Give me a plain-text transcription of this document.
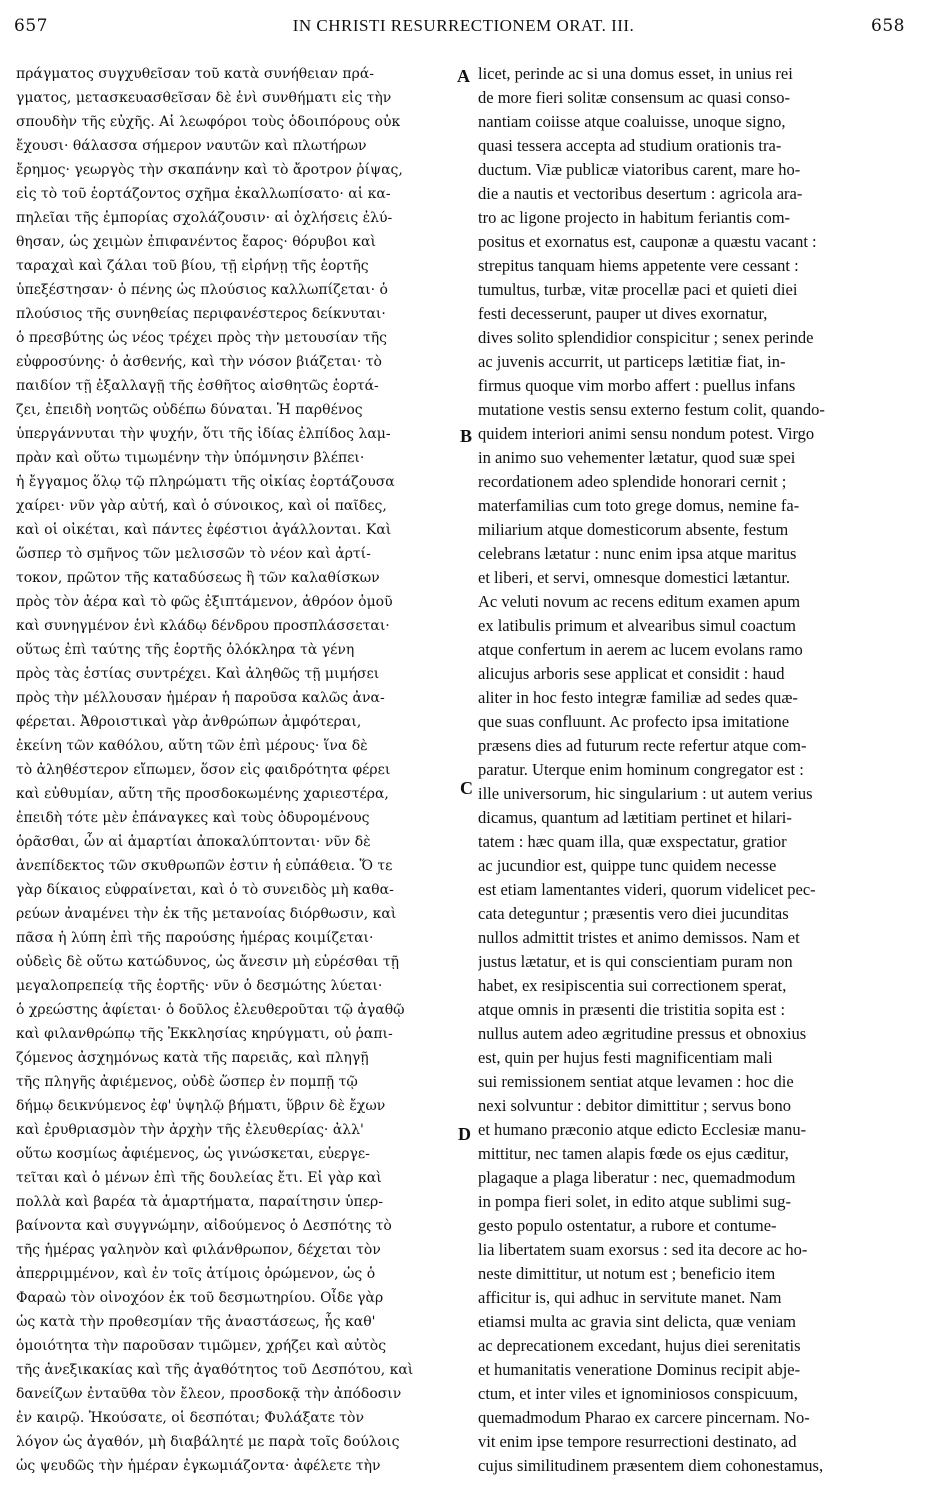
657	IN CHRISTI RESURRECTIONEM ORAT. III.	658
πράγματος συγχυθεῖσαν τοῦ κατὰ συνήθειαν πρά-
γματος, μετασκευασθεῖσαν δὲ ἑνὶ συνθήματι εἰς τὴν
σπουδὴν τῆς εὐχῆς. Αἱ λεωφόροι τοὺς ὁδοιπόρους οὐκ
ἔχουσι· θάλασσα σήμερον ναυτῶν καὶ πλωτήρων
ἔρημος· γεωργὸς τὴν σκαπάνην καὶ τὸ ἄροτρον ῥίψας,
εἰς τὸ τοῦ ἑορτάζοντος σχῆμα ἐκαλλωπίσατο· αἱ κα-
πηλεῖαι τῆς ἐμπορίας σχολάζουσιν· αἱ ὀχλήσεις ἐλύ-
θησαν, ὡς χειμὼν ἐπιφανέντος ἔαρος· θόρυβοι καὶ
ταραχαὶ καὶ ζάλαι τοῦ βίου, τῇ εἰρήνῃ τῆς ἑορτῆς
ὑπεξέστησαν· ὁ πένης ὡς πλούσιος καλλωπίζεται· ὁ
πλούσιος τῆς συνηθείας περιφανέστερος δείκνυται·
ὁ πρεσβύτης ὡς νέος τρέχει πρὸς τὴν μετουσίαν τῆς
εὐφροσύνης· ὁ ἀσθενής, καὶ τὴν νόσον βιάζεται· τὸ
παιδίον τῇ ἐξαλλαγῇ τῆς ἐσθῆτος αἰσθητῶς ἑορτά-
ζει, ἐπειδὴ νοητῶς οὐδέπω δύναται. Ἡ παρθένος
ὑπεργάννυται τὴν ψυχήν, ὅτι τῆς ἰδίας ἐλπίδος λαμ-
πρὰν καὶ οὕτω τιμωμένην τὴν ὑπόμνησιν βλέπει·
ἡ ἔγγαμος ὅλῳ τῷ πληρώματι τῆς οἰκίας ἑορτάζουσα
χαίρει· νῦν γὰρ αὐτή, καὶ ὁ σύνοικος, καὶ οἱ παῖδες,
καὶ οἱ οἰκέται, καὶ πάντες ἐφέστιοι ἀγάλλονται. Καὶ
ὥσπερ τὸ σμῆνος τῶν μελισσῶν τὸ νέον καὶ ἀρτί-
τοκον, πρῶτον τῆς καταδύσεως ἢ τῶν καλαθίσκων
πρὸς τὸν ἀέρα καὶ τὸ φῶς ἐξιπτάμενον, ἀθρόον ὁμοῦ
καὶ συνηγμένον ἑνὶ κλάδῳ δένδρου προσπλάσσεται·
οὕτως ἐπὶ ταύτης τῆς ἑορτῆς ὁλόκληρα τὰ γένη
πρὸς τὰς ἑστίας συντρέχει. Καὶ ἀληθῶς τῇ μιμήσει
πρὸς τὴν μέλλουσαν ἡμέραν ἡ παροῦσα καλῶς ἀνα-
φέρεται. Ἀθροιστικαὶ γὰρ ἀνθρώπων ἀμφότεραι,
ἐκείνη τῶν καθόλου, αὕτη τῶν ἐπὶ μέρους· ἵνα δὲ
τὸ ἀληθέστερον εἴπωμεν, ὅσον εἰς φαιδρότητα φέρει
καὶ εὐθυμίαν, αὕτη τῆς προσδοκωμένης χαριεστέρα,
ἐπειδὴ τότε μὲν ἐπάναγκες καὶ τοὺς ὀδυρομένους
ὁρᾶσθαι, ὧν αἱ ἁμαρτίαι ἀποκαλύπτονται· νῦν δὲ
ἀνεπίδεκτος τῶν σκυθρωπῶν ἐστιν ἡ εὐπάθεια. Ὅ τε
γὰρ δίκαιος εὐφραίνεται, καὶ ὁ τὸ συνειδὸς μὴ καθα-
ρεύων ἀναμένει τὴν ἐκ τῆς μετανοίας διόρθωσιν, καὶ
πᾶσα ἡ λύπη ἐπὶ τῆς παρούσης ἡμέρας κοιμίζεται·
οὐδεὶς δὲ οὕτω κατώδυνος, ὡς ἄνεσιν μὴ εὑρέσθαι τῇ
μεγαλοπρεπείᾳ τῆς ἑορτῆς· νῦν ὁ δεσμώτης λύεται·
ὁ χρεώστης ἀφίεται· ὁ δοῦλος ἐλευθεροῦται τῷ ἀγαθῷ
καὶ φιλανθρώπῳ τῆς Ἐκκλησίας κηρύγματι, οὐ ῥαπι-
ζόμενος ἀσχημόνως κατὰ τῆς παρειᾶς, καὶ πληγῇ
τῆς πληγῆς ἀφιέμενος, οὐδὲ ὥσπερ ἐν πομπῇ τῷ
δήμῳ δεικνύμενος ἐφ' ὑψηλῷ βήματι, ὕβριν δὲ ἔχων
καὶ ἐρυθριασμὸν τὴν ἀρχὴν τῆς ἐλευθερίας· ἀλλ'
οὕτω κοσμίως ἀφιέμενος, ὡς γινώσκεται, εὐεργε-
τεῖται καὶ ὁ μένων ἐπὶ τῆς δουλείας ἔτι. Εἰ γὰρ καὶ
πολλὰ καὶ βαρέα τὰ ἁμαρτήματα, παραίτησιν ὑπερ-
βαίνοντα καὶ συγγνώμην, αἰδούμενος ὁ Δεσπότης τὸ
τῆς ἡμέρας γαληνὸν καὶ φιλάνθρωπον, δέχεται τὸν
ἀπερριμμένον, καὶ ἐν τοῖς ἀτίμοις ὁρώμενον, ὡς ὁ
Φαραὼ τὸν οἰνοχόον ἐκ τοῦ δεσμωτηρίου. Οἶδε γὰρ
ὡς κατὰ τὴν προθεσμίαν τῆς ἀναστάσεως, ἧς καθ'
ὁμοιότητα τὴν παροῦσαν τιμῶμεν, χρήζει καὶ αὐτὸς
τῆς ἀνεξικακίας καὶ τῆς ἀγαθότητος τοῦ Δεσπότου, καὶ
δανείζων ἐνταῦθα τὸν ἔλεον, προσδοκᾷ τὴν ἀπόδοσιν
ἐν καιρῷ. Ἠκούσατε, οἱ δεσπόται; Φυλάξατε τὸν
λόγον ὡς ἀγαθόν, μὴ διαβάλητέ με παρὰ τοῖς δούλοις
ὡς ψευδῶς τὴν ἡμέραν ἐγκωμιάζοντα· ἀφέλετε τὴν
licet, perinde ac si una domus esset, in unius rei
de more fieri solitæ consensum ac quasi conso-
nantiam coiisse atque coaluisse, unoque signo,
quasi tessera accepta ad studium orationis tra-
ductum. Viæ publicæ viatoribus carent, mare ho-
die a nautis et vectoribus desertum : agricola ara-
tro ac ligone projecto in habitum feriantis com-
positus et exornatus est, cauponæ a quæstu vacant :
strepitus tanquam hiems appetente vere cessant :
tumultus, turbæ, vitæ procellæ paci et quieti diei
festi decesserunt, pauper ut dives exornatur,
dives solito splendidior conspicitur ; senex perinde
ac juvenis accurrit, ut particeps lætitiæ fiat, in-
firmus quoque vim morbo affert : puellus infans
mutatione vestis sensu externo festum colit, quando-
quidem interiori animi sensu nondum potest. Virgo
in animo suo vehementer lætatur, quod suæ spei
recordationem adeo splendide honorari cernit ;
materfamilias cum toto grege domus, nemine fa-
miliarium atque domesticorum absente, festum
celebrans lætatur : nunc enim ipsa atque maritus
et liberi, et servi, omnesque domestici lætantur.
Ac veluti novum ac recens editum examen apum
ex latibulis primum et alvearibus simul coactum
atque confertum in aerem ac lucem evolans ramo
alicujus arboris sese applicat et considit : haud
aliter in hoc festo integræ familiæ ad sedes quæ-
que suas confluunt. Ac profecto ipsa imitatione
præsens dies ad futurum recte refertur atque com-
paratur. Uterque enim hominum congregator est :
ille universorum, hic singularium : ut autem verius
dicamus, quantum ad lætitiam pertinet et hilari-
tatem : hæc quam illa, quæ exspectatur, gratior
ac jucundior est, quippe tunc quidem necesse
est etiam lamentantes videri, quorum videlicet pec-
cata deteguntur ; præsentis vero diei jucunditas
nullos admittit tristes et animo demissos. Nam et
justus lætatur, et is qui conscientiam puram non
habet, ex resipiscentia sui correctionem sperat,
atque omnis in præsenti die tristitia sopita est :
nullus autem adeo ægritudine pressus et obnoxius
est, quin per hujus festi magnificentiam mali
sui remissionem sentiat atque levamen : hoc die
nexi solvuntur : debitor dimittitur ; servus bono
et humano præconio atque edicto Ecclesiæ manu-
mittitur, nec tamen alapis fœde os ejus cæditur,
plagaque a plaga liberatur : nec, quemadmodum
in pompa fieri solet, in edito atque sublimi sug-
gesto populo ostentatur, a rubore et contume-
lia libertatem suam exorsus : sed ita decore ac ho-
neste dimittitur, ut notum est ; beneficio item
afficitur is, qui adhuc in servitute manet. Nam
etiamsi multa ac gravia sint delicta, quæ veniam
ac deprecationem excedant, hujus diei serenitatis
et humanitatis veneratione Dominus recipit abje-
ctum, et inter viles et ignominiosos conspicuum,
quemadmodum Pharao ex carcere pincernam. No-
vit enim ipse tempore resurrectioni destinato, ad
cujus similitudinem præsentem diem cohonestamus,
A
B
C
D
